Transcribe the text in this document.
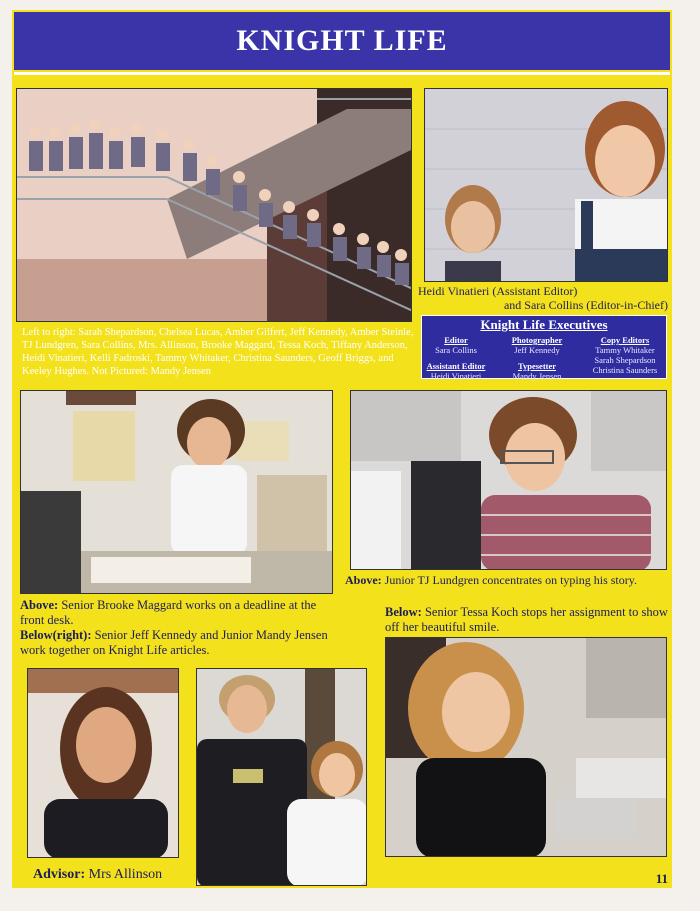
KNIGHT LIFE
Left to right: Sarah Shepardson, Chelsea Lucas, Amber Gilfert, Jeff Kennedy, Amber Steinle, TJ Lundgren, Sara Collins, Mrs. Allinson, Brooke Maggard, Tessa Koch, Tiffany Anderson, Heidi Vinatieri, Kelli Fadroski, Tammy Whitaker, Christina Saunders, Geoff Briggs, and Keeley Hughes. Not Pictured: Mandy Jensen
Heidi Vinatieri (Assistant Editor)
and Sara Collins (Editor-in-Chief)
Knight Life Executives
Editor
Sara Collins
Assistant Editor
Heidi Vinatieri
Photographer
Jeff Kennedy
Typesetter
Mandy Jensen
Copy Editors
Tammy Whitaker
Sarah Shepardson
Christina Saunders
Above: Junior TJ Lundgren concentrates on typing his story.
Above: Senior Brooke Maggard works on a deadline at the front desk.
Below(right): Senior Jeff Kennedy and Junior Mandy Jensen work together on Knight Life articles.
Below: Senior Tessa Koch stops her assignment to show off her beautiful smile.
Advisor: Mrs Allinson	11
